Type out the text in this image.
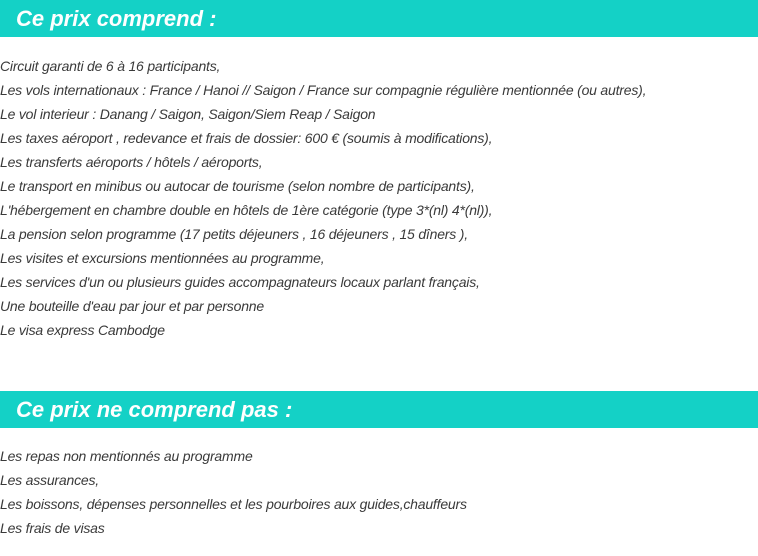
Ce prix comprend :
Circuit garanti de 6 à 16 participants,
Les vols internationaux : France / Hanoi // Saigon / France sur compagnie régulière mentionnée (ou autres),
Le vol interieur : Danang / Saigon, Saigon/Siem Reap / Saigon
Les taxes aéroport , redevance et frais de dossier: 600 € (soumis à modifications),
Les transferts aéroports / hôtels / aéroports,
Le transport en minibus ou autocar de tourisme (selon nombre de participants),
L'hébergement en chambre double en hôtels de 1ère catégorie (type 3*(nl) 4*(nl)),
La pension selon programme (17 petits déjeuners , 16 déjeuners , 15 dîners ),
Les visites et excursions mentionnées au programme,
Les services d'un ou plusieurs guides accompagnateurs locaux parlant français,
Une bouteille d'eau par jour et par personne
Le visa express Cambodge
Ce prix ne comprend pas :
Les repas non mentionnés au programme
Les assurances,
Les boissons, dépenses personnelles et les pourboires aux guides,chauffeurs
Les frais de visas
